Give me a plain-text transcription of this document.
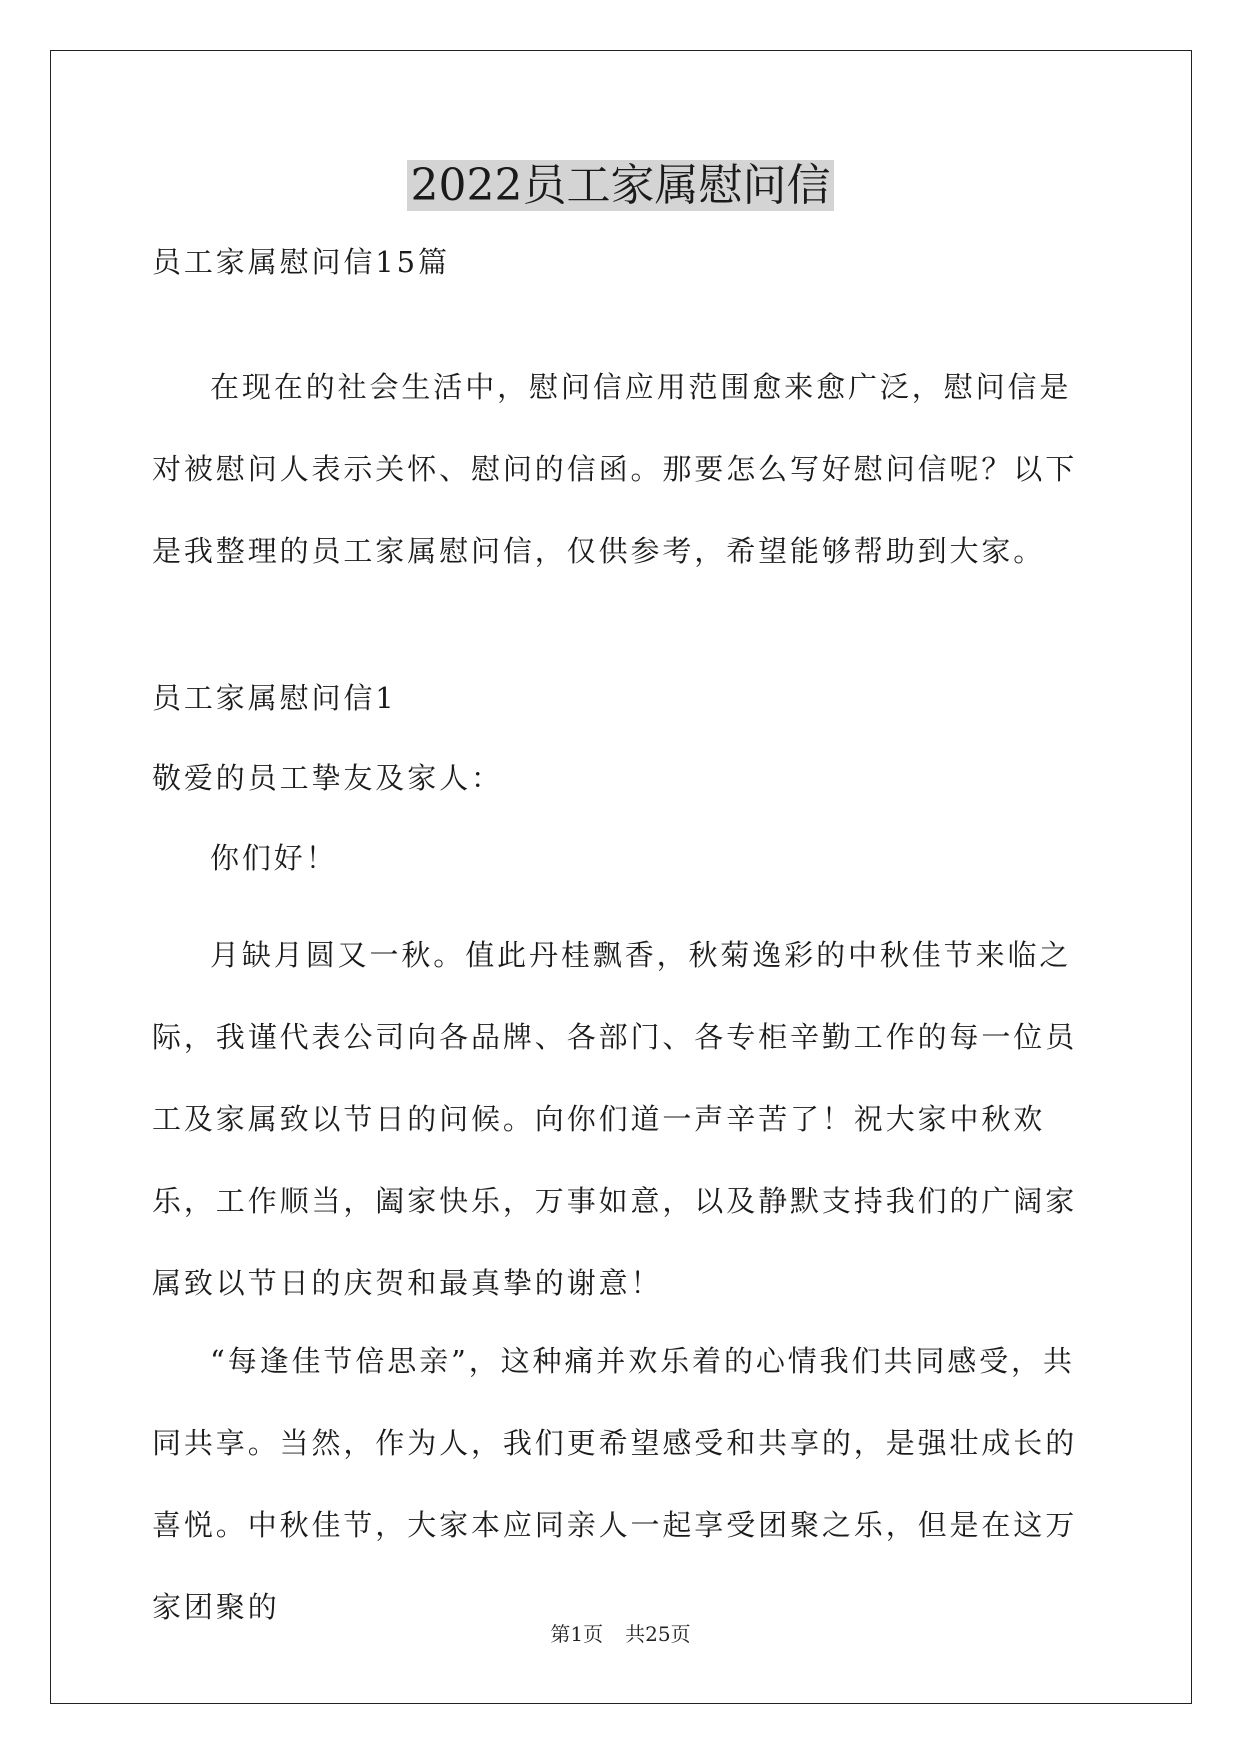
2022员工家属慰问信

员工家属慰问信15篇

在现在的社会生活中，慰问信应用范围愈来愈广泛，慰问信是对被慰问人表示关怀、慰问的信函。那要怎么写好慰问信呢？以下是我整理的员工家属慰问信，仅供参考，希望能够帮助到大家。

员工家属慰问信1

敬爱的员工挚友及家人：

你们好！

月缺月圆又一秋。值此丹桂飘香，秋菊逸彩的中秋佳节来临之际，我谨代表公司向各品牌、各部门、各专柜辛勤工作的每一位员工及家属致以节日的问候。向你们道一声辛苦了！祝大家中秋欢乐，工作顺当，阖家快乐，万事如意，以及静默支持我们的广阔家属致以节日的庆贺和最真挚的谢意！

“每逢佳节倍思亲”，这种痛并欢乐着的心情我们共同感受，共同共享。当然，作为人，我们更希望感受和共享的，是强壮成长的喜悦。中秋佳节，大家本应同亲人一起享受团聚之乐，但是在这万家团聚的

第1页 共25页
